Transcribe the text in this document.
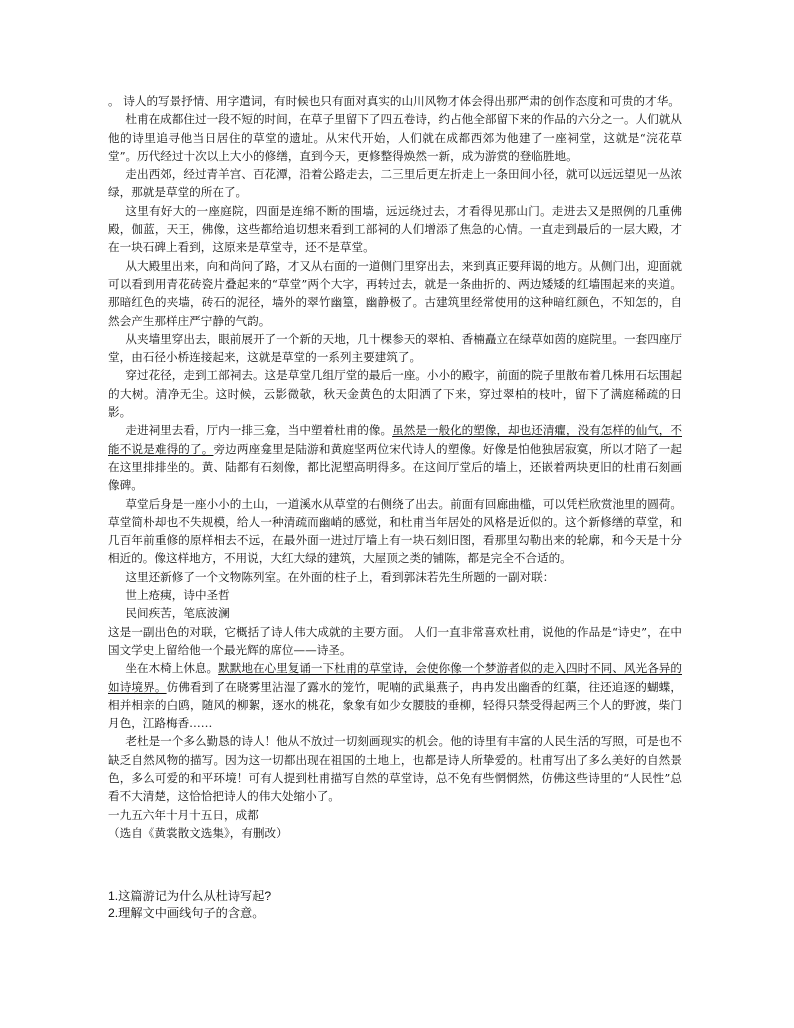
。 诗人的写景抒情、用字遣词，有时候也只有面对真实的山川风物才体会得出那严肃的创作态度和可贵的才华。

杜甫在成都住过一段不短的时间，在草子里留下了四五卷诗，约占他全部留下来的作品的六分之一。人们就从他的诗里追寻他当日居住的草堂的遗址。从宋代开始，人们就在成都西郊为他建了一座祠堂，这就是“浣花草堂”。历代经过十次以上大小的修缮，直到今天，更修整得焕然一新，成为游赏的登临胜地。

走出西郊，经过青羊宫、百花潭，沿着公路走去，二三里后更左折走上一条田间小径，就可以远远望见一丛浓绿，那就是草堂的所在了。

这里有好大的一座庭院，四面是连绵不断的围墙，远远绕过去，才看得见那山门。走进去又是照例的几重佛殿，伽蓝，天王，佛像，这些都给追切想来看到工部祠的人们增添了焦急的心情。一直走到最后的一层大殿，才在一块石碑上看到，这原来是草堂寺，还不是草堂。

从大殿里出来，向和尚问了路，才又从右面的一道侧门里穿出去，来到真正要拜谒的地方。从侧门出，迎面就可以看到用青花砖瓷片叠起来的“草堂”两个大字，再转过去，就是一条曲折的、两边矮矮的红墙围起来的夹道。那暗红色的夹墙，砖石的泥径，墙外的翠竹幽篁，幽静极了。古建筑里经常使用的这种暗红颜色，不知怎的，自然会产生那样庄严宁静的气韵。

从夹墙里穿出去，眼前展开了一个新的天地，几十棵参天的翠柏、香楠矗立在绿草如茵的庭院里。一套四座厅堂，由石径小桥连接起来，这就是草堂的一系列主要建筑了。

穿过花径，走到工部祠去。这是草堂几组厅堂的最后一座。小小的殿字，前面的院子里散布着几株用石坛围起的大树。清净无尘。这时候，云影微欹，秋天金黄色的太阳洒了下来，穿过翠柏的枝叶，留下了满庭稀疏的日影。

走进祠里去看，厅内一排三龛，当中塑着杜甫的像。虽然是一般化的塑像，却也还清癯，没有怎样的仙气，不能不说是难得的了。旁边两座龛里是陆游和黄庭坚两位宋代诗人的塑像。好像是怕他独居寂寞，所以才陪了一起在这里排排坐的。黄、陆都有石刻像，都比泥塑高明得多。在这间厅堂后的墙上，还嵌着两块更旧的杜甫石刻画像碑。

草堂后身是一座小小的土山，一道溪水从草堂的右侧绕了出去。前面有回廊曲槛，可以凭栏欣赏池里的圆荷。 草堂简朴却也不失规模，给人一种清疏而幽峭的感觉，和杜甫当年居处的风格是近似的。这个新修缮的草堂，和几百年前重修的原样相去不远，在最外面一进过厅墙上有一块石刻旧图，看那里勾勒出来的轮廓，和今天是十分相近的。像这样地方，不用说，大红大绿的建筑，大屋顶之类的铺陈，都是完全不合适的。

这里还新修了一个文物陈列室。在外面的柱子上，看到郭沫若先生所题的一副对联：

世上疮痍，诗中圣哲

民间疾苦，笔底波澜

这是一副出色的对联，它概括了诗人伟大成就的主要方面。 人们一直非常喜欢杜甫，说他的作品是“诗史”，在中国文学史上留给他一个最光辉的席位——诗圣。

坐在木椅上休息。默默地在心里复诵一下杜甫的草堂诗，会使你像一个梦游者似的走入四时不同、风光各异的如诗境界。仿佛看到了在晓雾里沾湿了露水的笼竹，呢喃的武巢燕子，冉冉发出幽香的红蕖，往还追逐的蝴蝶，相并相亲的白鸥，随风的柳絮，逐水的桃花，象象有如少女腰肢的垂柳，轻得只禁受得起两三个人的野渡，柴门月色，江路梅香……

老杜是一个多么勤恳的诗人！他从不放过一切刻画现实的机会。他的诗里有丰富的人民生活的写照，可是也不缺乏自然风物的描写。因为这一切都出现在祖国的土地上，也都是诗人所挚爱的。杜甫写出了多么美好的自然景色，多么可爱的和平环境！可有人提到杜甫描写自然的草堂诗，总不免有些惘惘然，仿佛这些诗里的“人民性”总看不大清楚，这恰恰把诗人的伟大处缩小了。

一九五六年十月十五日，成都

（选自《黄裳散文选集》，有删改）

1.这篇游记为什么从杜诗写起?
2.理解文中画线句子的含意。
